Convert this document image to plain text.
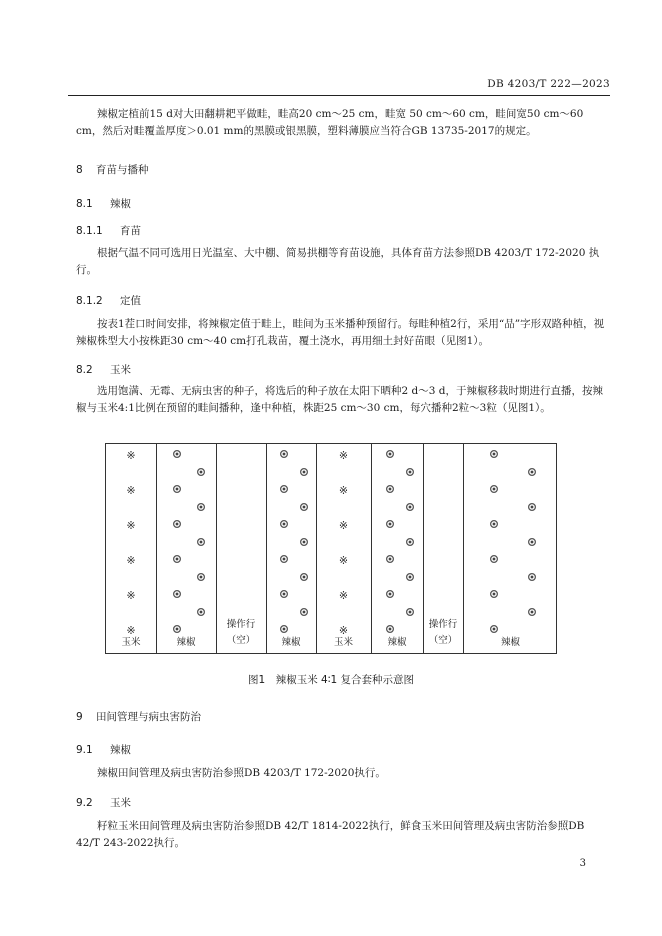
DB 4203/T 222—2023
辣椒定植前15 d对大田翻耕耙平做畦，畦高20 cm～25 cm，畦宽 50 cm～60 cm，畦间宽50 cm～60 cm，然后对畦覆盖厚度＞0.01 mm的黑膜或银黑膜，塑料薄膜应当符合GB 13735-2017的规定。
8 育苗与播种
8.1 辣椒
8.1.1 育苗
根据气温不同可选用日光温室、大中棚、简易拱棚等育苗设施，具体育苗方法参照DB 4203/T 172-2020 执行。
8.1.2 定值
按表1茬口时间安排，将辣椒定值于畦上，畦间为玉米播种预留行。每畦种植2行，采用“品”字形双路种植，视辣椒株型大小按株距30 cm～40 cm打孔栽苗，覆土浇水，再用细土封好苗眼（见图1）。
8.2 玉米
选用饱满、无霉、无病虫害的种子，将选后的种子放在太阳下晒种2 d～3 d，于辣椒移栽时期进行直播，按辣椒与玉米4:1比例在预留的畦间播种，逢中种植，株距25 cm～30 cm，每穴播种2粒～3粒（见图1）。
※
※
※
※
※
※
玉米	辣椒
操作行
（空）	辣椒
※
※
※
※
※
※
玉米	辣椒
操作行
（空）	辣椒
图1　辣椒玉米 4∶1 复合套种示意图
9 田间管理与病虫害防治
9.1 辣椒
辣椒田间管理及病虫害防治参照DB 4203/T 172-2020执行。
9.2 玉米
籽粒玉米田间管理及病虫害防治参照DB 42/T 1814-2022执行，鲜食玉米田间管理及病虫害防治参照DB 42/T 243-2022执行。
3
